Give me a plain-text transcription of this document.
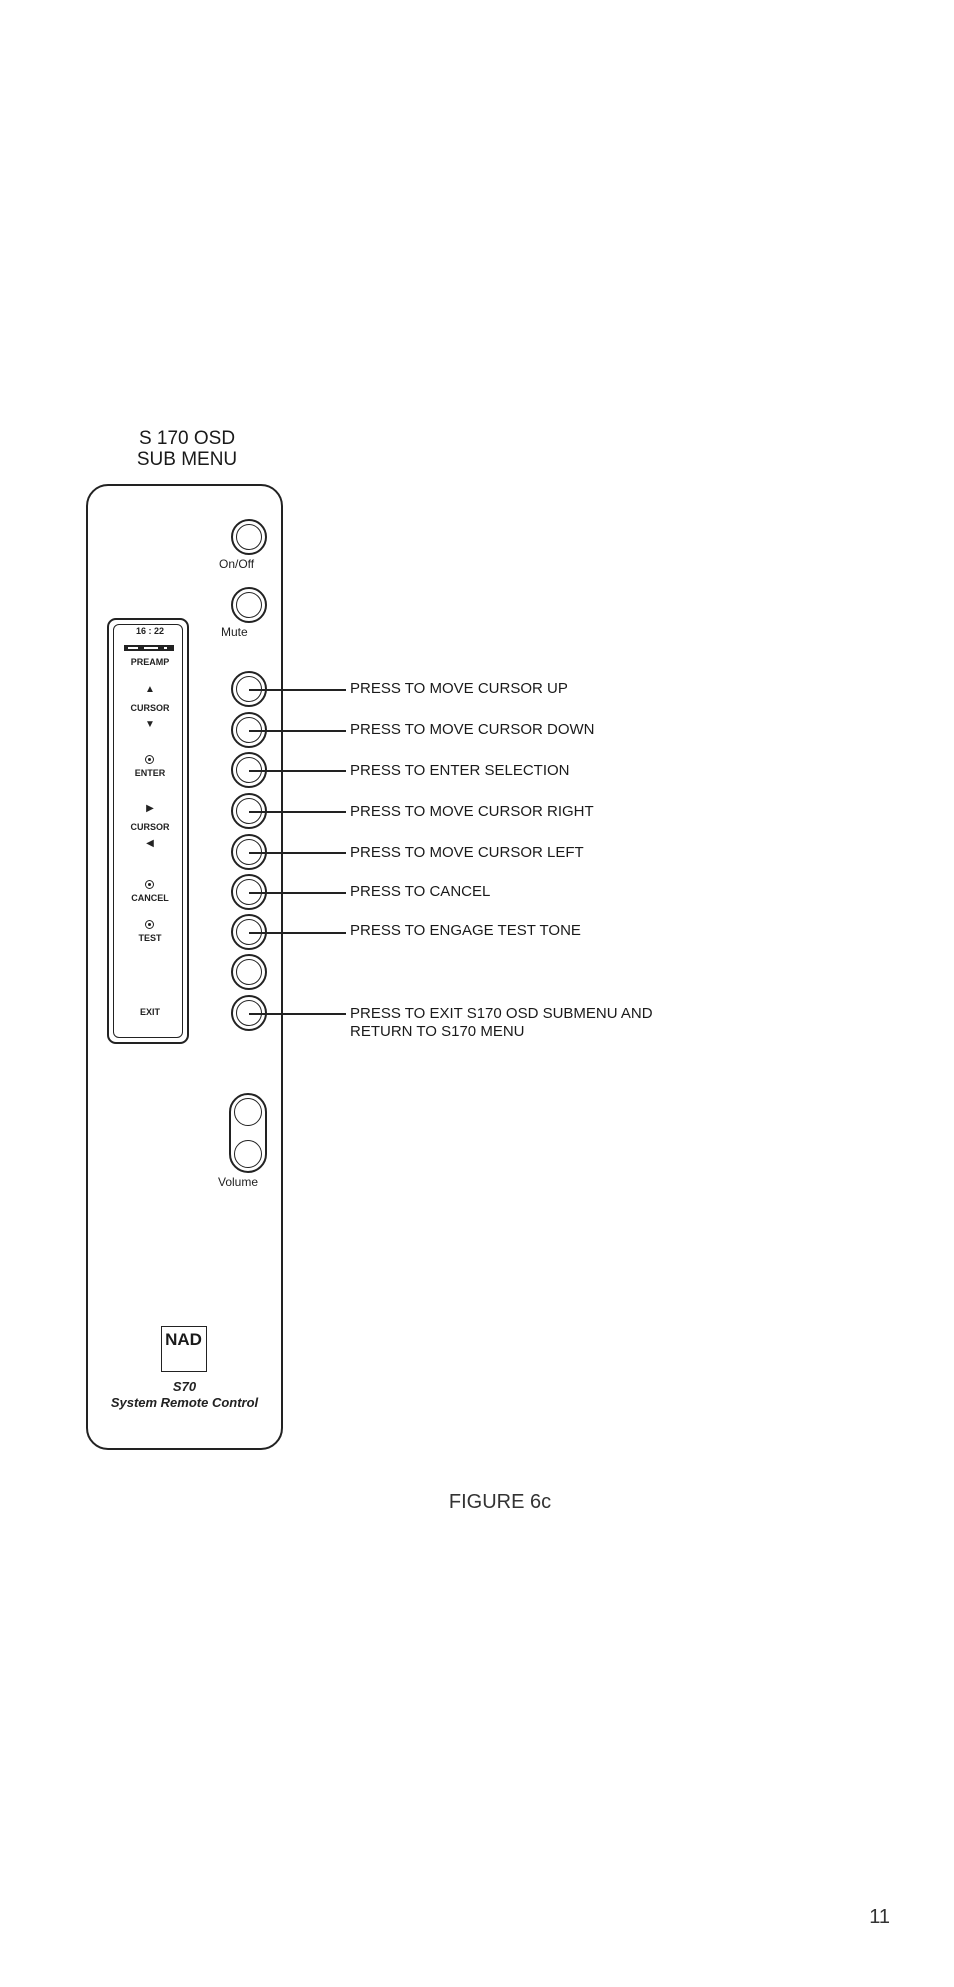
S 170 OSD
SUB MENU
On/Off
Mute
16 : 22
PREAMP
▲
CURSOR
▼
ENTER
▶
CURSOR
◀
CANCEL
TEST
EXIT
PRESS TO MOVE CURSOR UP
PRESS TO MOVE CURSOR DOWN
PRESS TO ENTER SELECTION
PRESS TO MOVE CURSOR RIGHT
PRESS TO MOVE CURSOR LEFT
PRESS TO CANCEL
PRESS TO ENGAGE TEST TONE
PRESS TO EXIT S170 OSD SUBMENU AND
RETURN TO S170 MENU
Volume
NAD
S70
System Remote Control
FIGURE 6c
11
